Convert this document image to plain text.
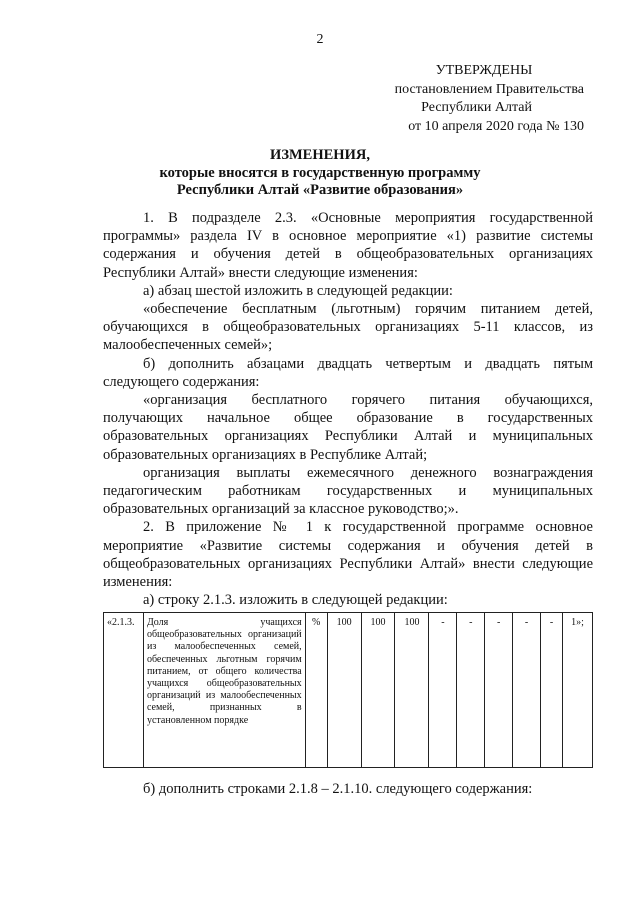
2
УТВЕРЖДЕНЫ
постановлением Правительства
Республики Алтай
от 10 апреля 2020 года № 130
ИЗМЕНЕНИЯ,
которые вносятся в государственную программу
Республики Алтай «Развитие образования»

1. В подразделе 2.3. «Основные мероприятия государственной программы» раздела IV в основное мероприятие «1) развитие системы содержания и обучения детей в общеобразовательных организациях Республики Алтай» внести следующие изменения:

а) абзац шестой изложить в следующей редакции:

«обеспечение бесплатным (льготным) горячим питанием детей, обучающихся в общеобразовательных организациях 5-11 классов, из малообеспеченных семей»;

б) дополнить абзацами двадцать четвертым и двадцать пятым следующего содержания:

«организация бесплатного горячего питания обучающихся, получающих начальное общее образование в государственных образовательных организациях Республики Алтай и муниципальных образовательных организациях в Республике Алтай;

организация выплаты ежемесячного денежного вознаграждения педагогическим работникам государственных и муниципальных образовательных организаций за классное руководство;».

2. В приложение № 1 к государственной программе основное мероприятие «Развитие системы содержания и обучения детей в общеобразовательных организациях Республики Алтай» внести следующие изменения:

а) строку 2.1.3. изложить в следующей редакции:

«2.1.3.	Доля учащихся общеобразовательных организаций из малообеспеченных семей, обеспеченных льготным горячим питанием, от общего количества учащихся общеобразовательных организаций из малообеспеченных семей, признанных в установленном порядке	%	100	100	100	-	-	-	-	-	1»;
б) дополнить строками 2.1.8 – 2.1.10. следующего содержания:
